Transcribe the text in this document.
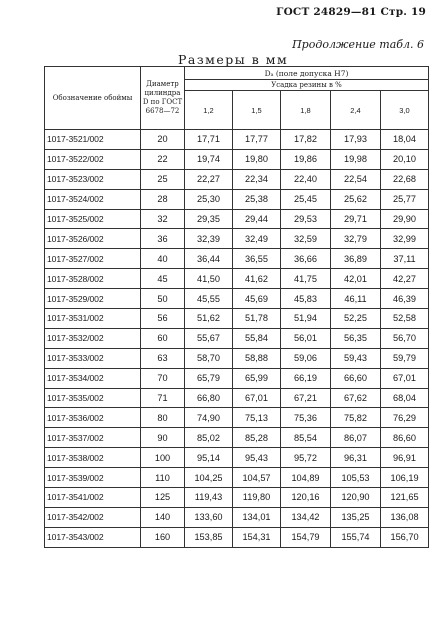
ГОСТ 24829—81 Стр. 19
Продолжение табл. 6
Размеры в мм
Обозначение обоймы	Диаметр цилиндра D по ГОСТ 6678—72	Dₐ (поле допуска H7)				
		Усадка резины в %				
		1,2	1,5	1,8	2,4	3,0
1017-3521/002	20	17,71	17,77	17,82	17,93	18,04
1017-3522/002	22	19,74	19,80	19,86	19,98	20,10
1017-3523/002	25	22,27	22,34	22,40	22,54	22,68
1017-3524/002	28	25,30	25,38	25,45	25,62	25,77
1017-3525/002	32	29,35	29,44	29,53	29,71	29,90
1017-3526/002	36	32,39	32,49	32,59	32,79	32,99
1017-3527/002	40	36,44	36,55	36,66	36,89	37,11
1017-3528/002	45	41,50	41,62	41,75	42,01	42,27
1017-3529/002	50	45,55	45,69	45,83	46,11	46,39
1017-3531/002	56	51,62	51,78	51,94	52,25	52,58
1017-3532/002	60	55,67	55,84	56,01	56,35	56,70
1017-3533/002	63	58,70	58,88	59,06	59,43	59,79
1017-3534/002	70	65,79	65,99	66,19	66,60	67,01
1017-3535/002	71	66,80	67,01	67,21	67,62	68,04
1017-3536/002	80	74,90	75,13	75,36	75,82	76,29
1017-3537/002	90	85,02	85,28	85,54	86,07	86,60
1017-3538/002	100	95,14	95,43	95,72	96,31	96,91
1017-3539/002	110	104,25	104,57	104,89	105,53	106,19
1017-3541/002	125	119,43	119,80	120,16	120,90	121,65
1017-3542/002	140	133,60	134,01	134,42	135,25	136,08
1017-3543/002	160	153,85	154,31	154,79	155,74	156,70
